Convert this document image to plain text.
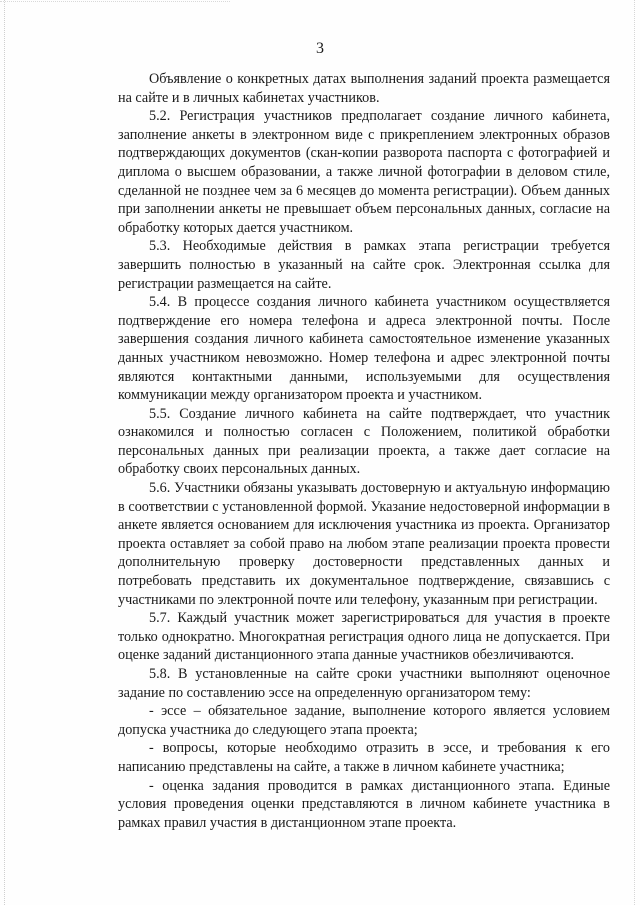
3

Объявление о конкретных датах выполнения заданий проекта размещается на сайте и в личных кабинетах участников.

5.2. Регистрация участников предполагает создание личного кабинета, заполнение анкеты в электронном виде с прикреплением электронных образов подтверждающих документов (скан-копии разворота паспорта с фотографией и диплома о высшем образовании, а также личной фотографии в деловом стиле, сделанной не позднее чем за 6 месяцев до момента регистрации). Объем данных при заполнении анкеты не превышает объем персональных данных, согласие на обработку которых дается участником.

5.3. Необходимые действия в рамках этапа регистрации требуется завершить полностью в указанный на сайте срок. Электронная ссылка для регистрации размещается на сайте.

5.4. В процессе создания личного кабинета участником осуществляется подтверждение его номера телефона и адреса электронной почты. После завершения создания личного кабинета самостоятельное изменение указанных данных участником невозможно. Номер телефона и адрес электронной почты являются контактными данными, используемыми для осуществления коммуникации между организатором проекта и участником.

5.5. Создание личного кабинета на сайте подтверждает, что участник ознакомился и полностью согласен с Положением, политикой обработки персональных данных при реализации проекта, а также дает согласие на обработку своих персональных данных.

5.6. Участники обязаны указывать достоверную и актуальную информацию в соответствии с установленной формой. Указание недостоверной информации в анкете является основанием для исключения участника из проекта. Организатор проекта оставляет за собой право на любом этапе реализации проекта провести дополнительную проверку достоверности представленных данных и потребовать представить их документальное подтверждение, связавшись с участниками по электронной почте или телефону, указанным при регистрации.

5.7. Каждый участник может зарегистрироваться для участия в проекте только однократно. Многократная регистрация одного лица не допускается. При оценке заданий дистанционного этапа данные участников обезличиваются.

5.8. В установленные на сайте сроки участники выполняют оценочное задание по составлению эссе на определенную организатором тему:

- эссе – обязательное задание, выполнение которого является условием допуска участника до следующего этапа проекта;

- вопросы, которые необходимо отразить в эссе, и требования к его написанию представлены на сайте, а также в личном кабинете участника;

- оценка задания проводится в рамках дистанционного этапа. Единые условия проведения оценки представляются в личном кабинете участника в рамках правил участия в дистанционном этапе проекта.
